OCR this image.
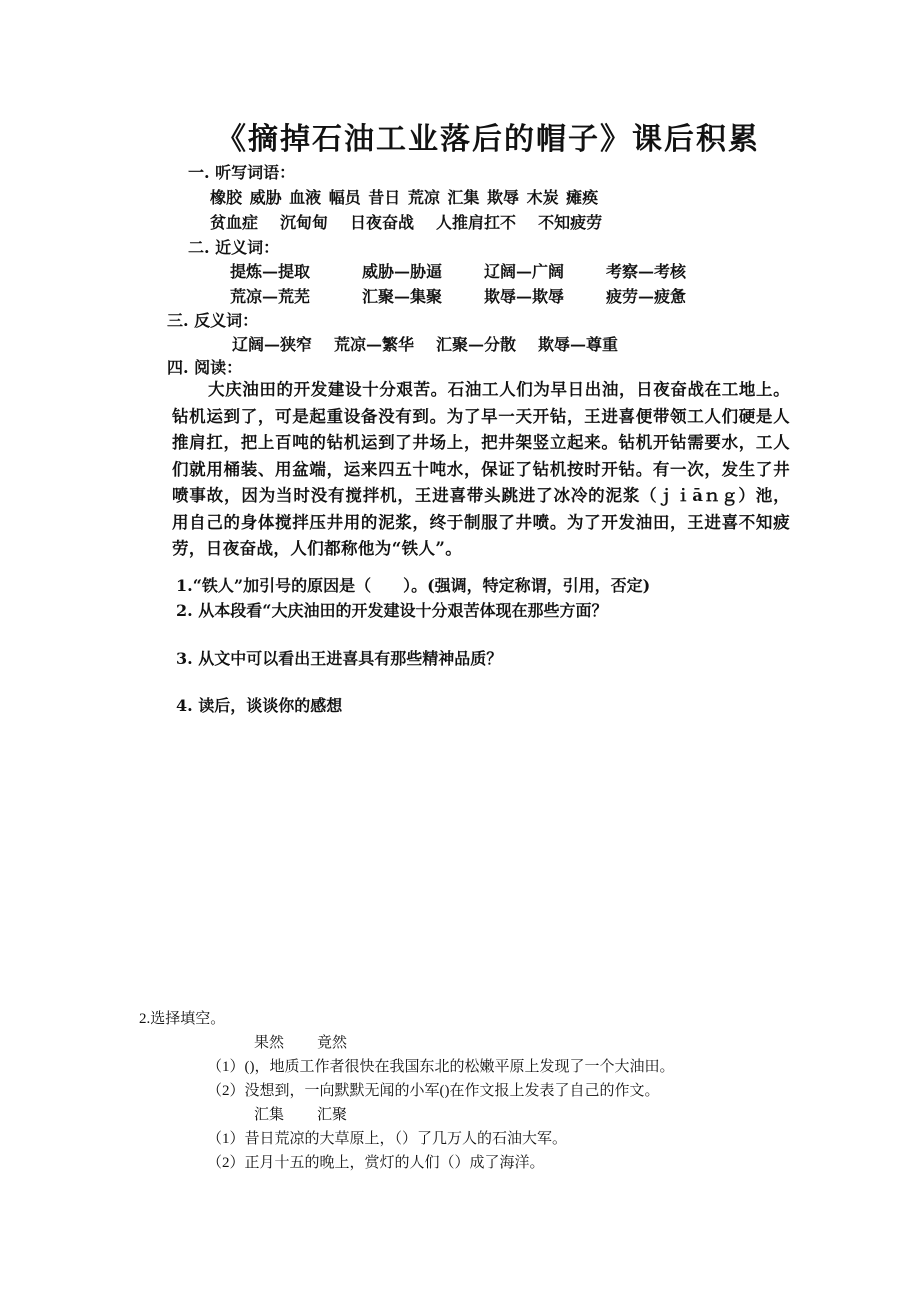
《摘掉石油工业落后的帽子》课后积累
一. 听写词语：
橡胶 威胁 血液 幅员 昔日 荒凉 汇集 欺辱 木炭 瘫痪
贫血症 沉甸甸 日夜奋战 人推肩扛不 不知疲劳
二. 近义词：
提炼—提取	威胁—胁逼	辽阔—广阔	考察—考核
荒凉—荒芜	汇聚—集聚	欺辱—欺辱	疲劳—疲惫
三. 反义词：
辽阔—狭窄 荒凉—繁华 汇聚—分散 欺辱—尊重
四. 阅读：

大庆油田的开发建设十分艰苦。石油工人们为早日出油，日夜奋战在工地上。钻机运到了，可是起重设备没有到。为了早一天开钻，王进喜便带领工人们硬是人推肩扛，把上百吨的钻机运到了井场上，把井架竖立起来。钻机开钻需要水，工人们就用桶装、用盆端，运来四五十吨水，保证了钻机按时开钻。有一次，发生了井喷事故，因为当时没有搅拌机，王进喜带头跳进了冰冷的泥浆（ｊｉāｎｇ）池，用自己的身体搅拌压井用的泥浆，终于制服了井喷。为了开发油田，王进喜不知疲劳，日夜奋战，人们都称他为“铁人”。

1.“铁人”加引号的原因是（　　）。(强调，特定称谓，引用，否定)
2. 从本段看“大庆油田的开发建设十分艰苦体现在那些方面？
3. 从文中可以看出王进喜具有那些精神品质？
4. 读后，谈谈你的感想
2.选择填空。
果然 竟然
（1）()，地质工作者很快在我国东北的松嫩平原上发现了一个大油田。
（2）没想到，一向默默无闻的小军()在作文报上发表了自己的作文。
汇集 汇聚
（1）昔日荒凉的大草原上，（）了几万人的石油大军。
（2）正月十五的晚上，赏灯的人们（）成了海洋。
